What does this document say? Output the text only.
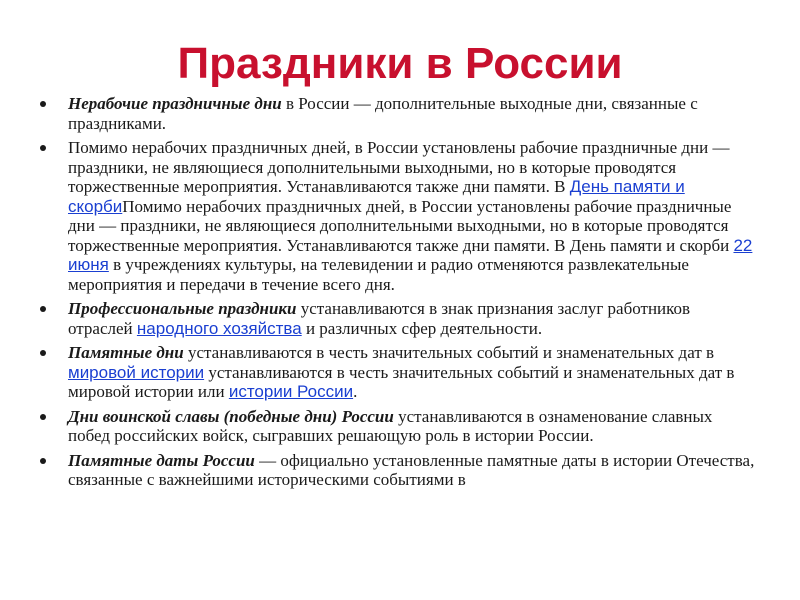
Праздники в России
Нерабочие праздничные дни в России — дополнительные выходные дни, связанные с праздниками.
Помимо нерабочих праздничных дней, в России установлены рабочие праздничные дни — праздники, не являющиеся дополнительными выходными, но в которые проводятся торжественные мероприятия. Устанавливаются также дни памяти. В День памяти и скорбиПомимо нерабочих праздничных дней, в России установлены рабочие праздничные дни — праздники, не являющиеся дополнительными выходными, но в которые проводятся торжественные мероприятия. Устанавливаются также дни памяти. В День памяти и скорби 22 июня в учреждениях культуры, на телевидении и радио отменяются развлекательные мероприятия и передачи в течение всего дня.
Профессиональные праздники устанавливаются в знак признания заслуг работников отраслей народного хозяйства и различных сфер деятельности.
Памятные дни устанавливаются в честь значительных событий и знаменательных дат в мировой истории устанавливаются в честь значительных событий и знаменательных дат в мировой истории или истории России.
Дни воинской славы (победные дни) России устанавливаются в ознаменование славных побед российских войск, сыгравших решающую роль в истории России.
Памятные даты России — официально установленные памятные даты в истории Отечества, связанные с важнейшими историческими событиями в
